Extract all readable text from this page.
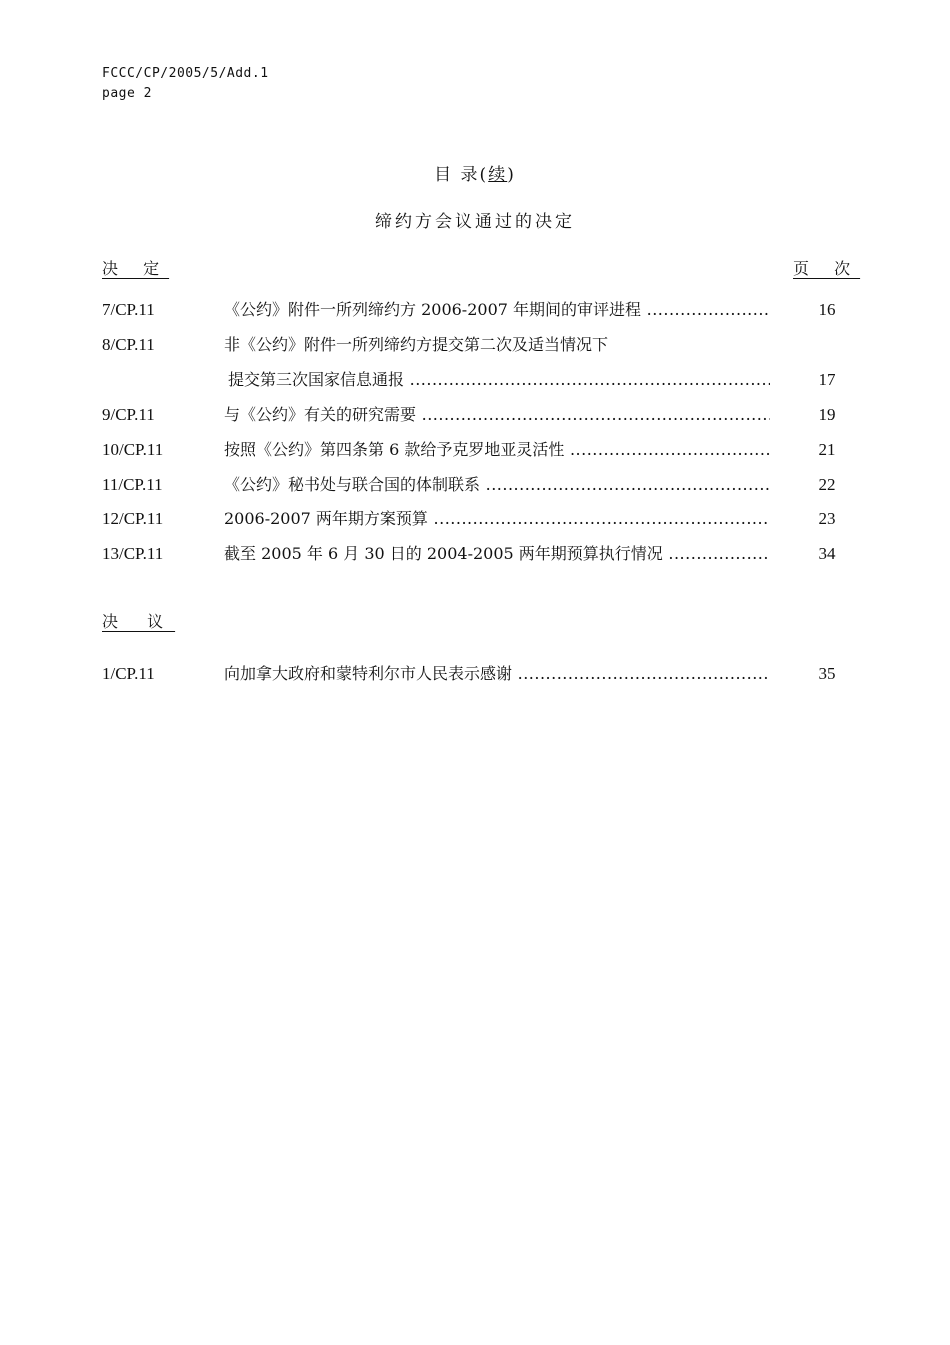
FCCC/CP/2005/5/Add.1
page 2
目 录(续)
缔约方会议通过的决定
决 定	页 次
7/CP.11	《公约》附件一所列缔约方 2006-2007 年期间的审评进程 .....	16
8/CP.11	非《公约》附件一所列缔约方提交第二次及适当情况下
提交第三次国家信息通报 .....	17
9/CP.11	与《公约》有关的研究需要 .....	19
10/CP.11	按照《公约》第四条第 6 款给予克罗地亚灵活性 .....	21
11/CP.11	《公约》秘书处与联合国的体制联系 .....	22
12/CP.11	2006-2007 两年期方案预算 .....	23
13/CP.11	截至 2005 年 6 月 30 日的 2004-2005 两年期预算执行情况 .....	34
决 议
1/CP.11	向加拿大政府和蒙特利尔市人民表示感谢 .....	35
